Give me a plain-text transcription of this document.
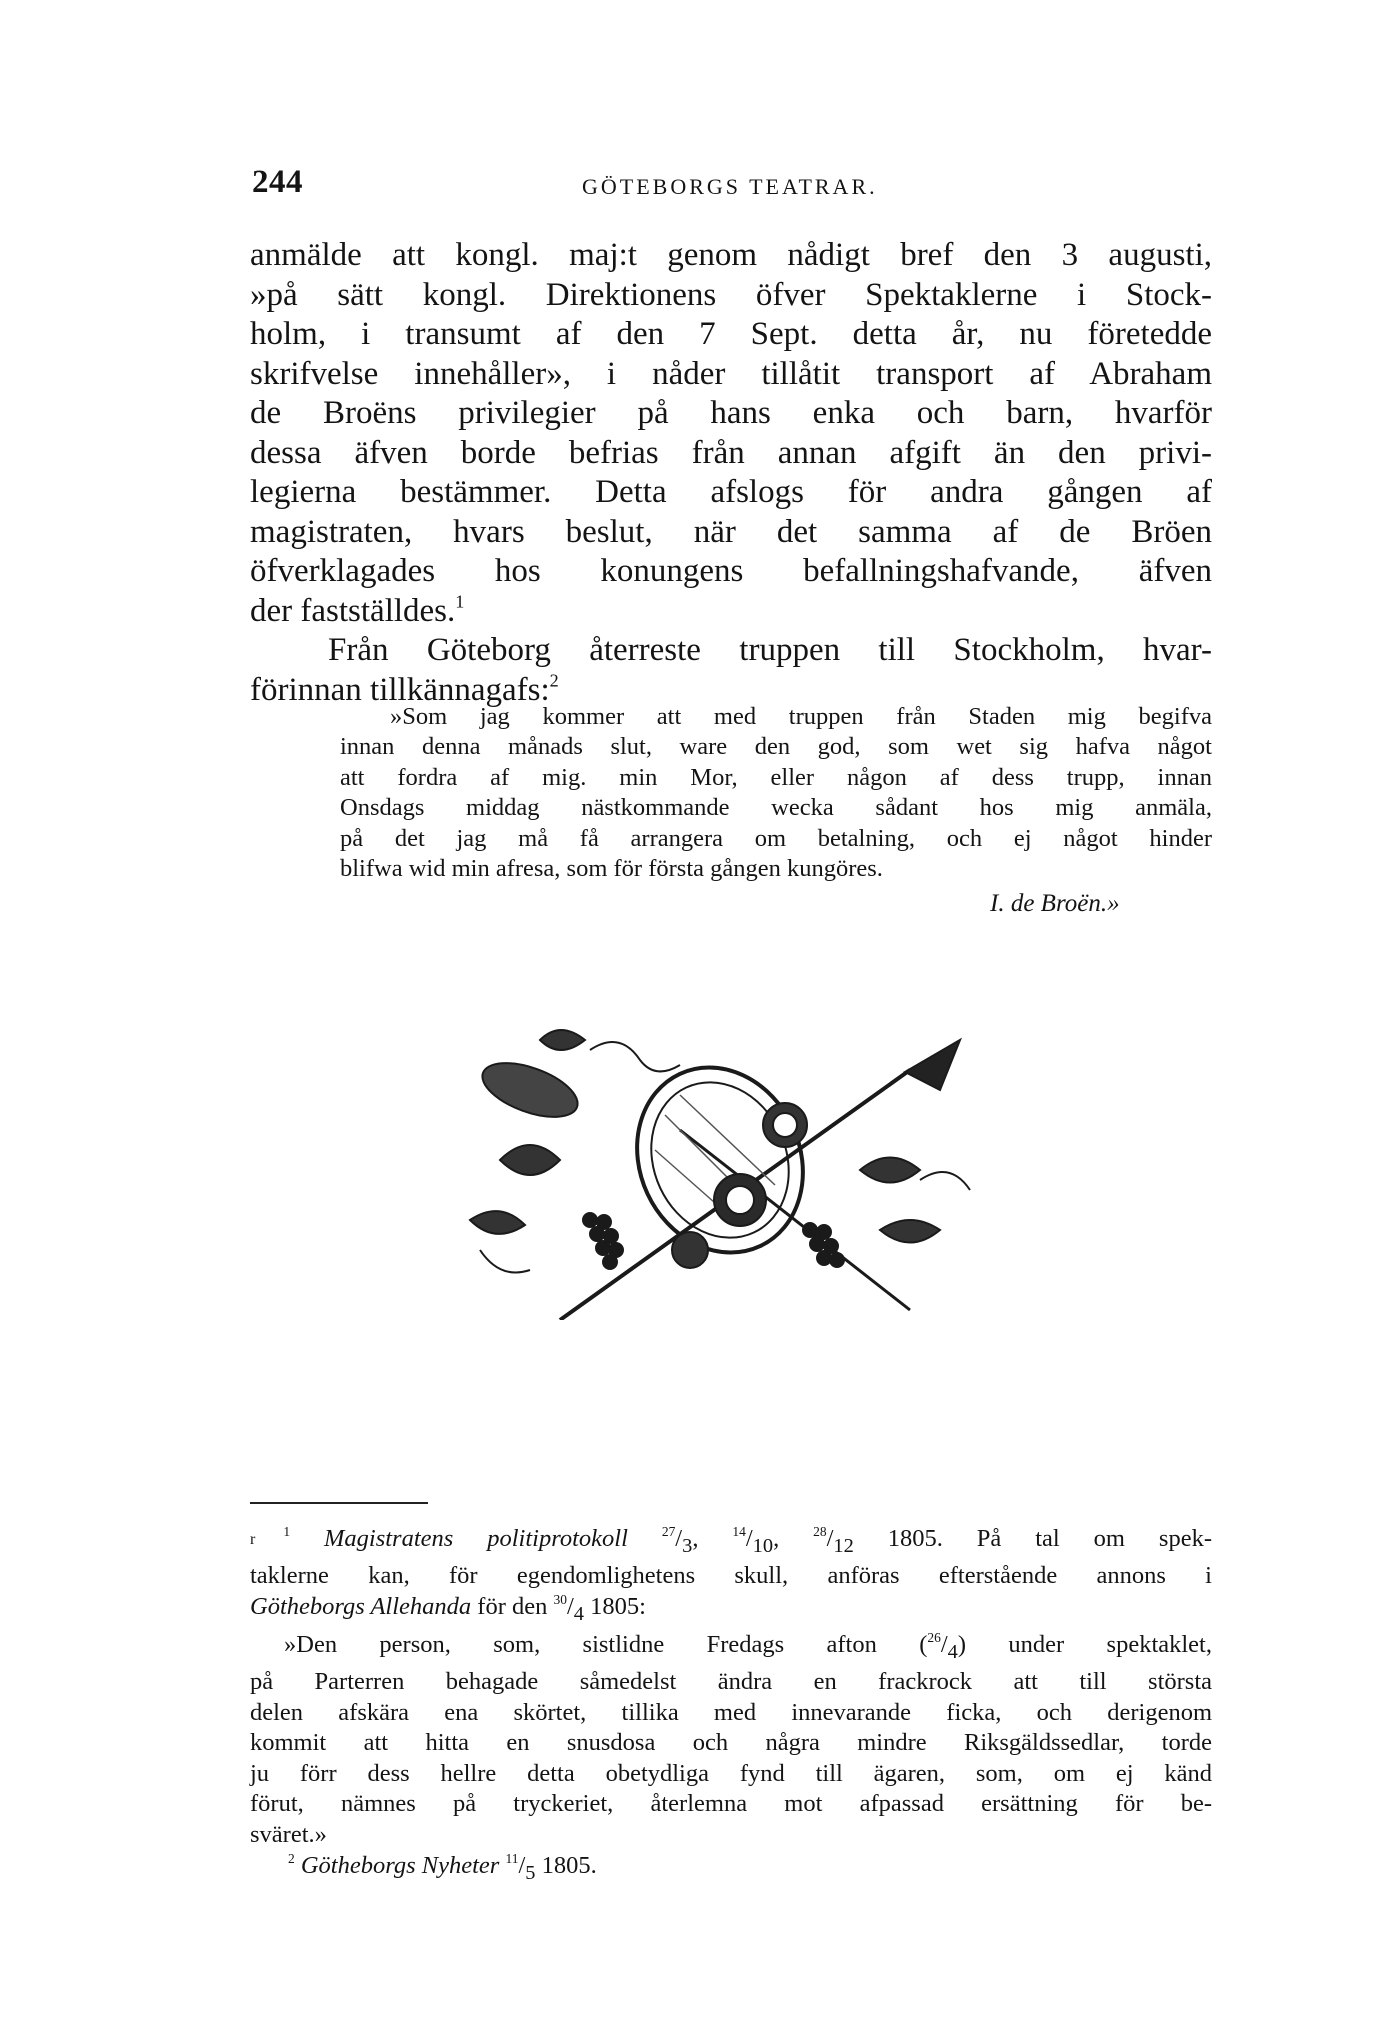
244	GÖTEBORGS TEATRAR.
anmälde att kongl. maj:t genom nådigt bref den 3 augusti,
»på sätt kongl. Direktionens öfver Spektaklerne i Stock-
holm, i transumt af den 7 Sept. detta år, nu företedde
skrifvelse innehåller», i nåder tillåtit transport af Abraham
de Broëns privilegier på hans enka och barn, hvarför
dessa äfven borde befrias från annan afgift än den privi-
legierna bestämmer. Detta afslogs för andra gången af
magistraten, hvars beslut, när det samma af de Bröen
öfverklagades hos konungens befallningshafvande, äfven
der fastställdes.$^1$
Från Göteborg återreste truppen till Stockholm, hvar-
förinnan tillkännagafs:$^2$
»Som jag kommer att med truppen från Staden mig begifva
innan denna månads slut, ware den god, som wet sig hafva något
att fordra af mig. min Mor, eller någon af dess trupp, innan
Onsdags middag nästkommande wecka sådant hos mig anmäla,
på det jag må få arrangera om betalning, och ej något hinder
blifwa wid min afresa, som för första gången kungöres.
I. de Broën.»
r $^1$ Magistratens politiprotokoll	$^{27}/_3$, $^{14}/_{10}$, $^{28}/_{12}$ 1805. På tal om spek-
taklerne kan, för egendomlighetens skull, anföras efterstående annons i
Götheborgs Allehanda för den $^{30}/_4$ 1805:
»Den person, som, sistlidne Fredags afton $(^{26}/_4)$ under spektaklet,
på Parterren behagade såmedelst ändra en frackrock att till största
delen afskära ena skörtet, tillika med innevarande ficka, och derigenom
kommit att hitta en snusdosa och några mindre Riksgäldssedlar, torde
ju förr dess hellre detta obetydliga fynd till ägaren, som, om ej känd
förut, nämnes på tryckeriet, återlemna mot afpassad ersättning för be-
sväret.»
$^2$ Götheborgs Nyheter $^{11}/_5$ 1805.
